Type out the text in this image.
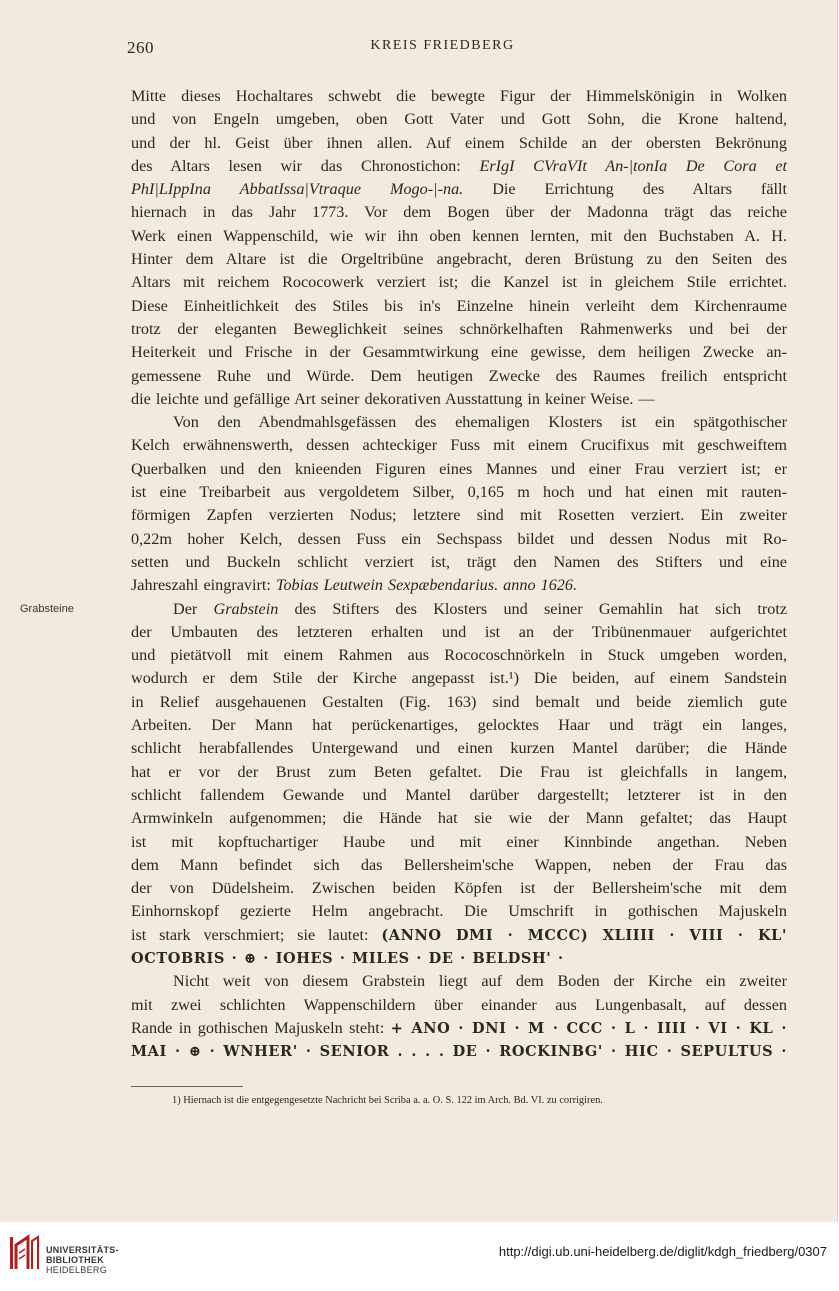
260	KREIS FRIEDBERG
Grabsteine
Mitte dieses Hochaltares schwebt die bewegte Figur der Himmelskönigin in Wolken
und von Engeln umgeben, oben Gott Vater und Gott Sohn, die Krone haltend,
und der hl. Geist über ihnen allen. Auf einem Schilde an der obersten Bekrönung
des Altars lesen wir das Chronostichon: ErIgI CVraVIt An-|tonIa De Cora et
PhI|LIppIna AbbatIssa|Vtraque Mogo-|-na. Die Errichtung des Altars fällt
hiernach in das Jahr 1773. Vor dem Bogen über der Madonna trägt das reiche
Werk einen Wappenschild, wie wir ihn oben kennen lernten, mit den Buchstaben A. H.
Hinter dem Altare ist die Orgeltribüne angebracht, deren Brüstung zu den Seiten des
Altars mit reichem Rococowerk verziert ist; die Kanzel ist in gleichem Stile errichtet.
Diese Einheitlichkeit des Stiles bis in's Einzelne hinein verleiht dem Kirchenraume
trotz der eleganten Beweglichkeit seines schnörkelhaften Rahmenwerks und bei der
Heiterkeit und Frische in der Gesammtwirkung eine gewisse, dem heiligen Zwecke an-
gemessene Ruhe und Würde. Dem heutigen Zwecke des Raumes freilich entspricht
die leichte und gefällige Art seiner dekorativen Ausstattung in keiner Weise. —
Von den Abendmahlsgefässen des ehemaligen Klosters ist ein spätgothischer
Kelch erwähnenswerth, dessen achteckiger Fuss mit einem Crucifixus mit geschweiftem
Querbalken und den knieenden Figuren eines Mannes und einer Frau verziert ist; er
ist eine Treibarbeit aus vergoldetem Silber, 0,165 m hoch und hat einen mit rauten-
förmigen Zapfen verzierten Nodus; letztere sind mit Rosetten verziert. Ein zweiter
0,22m hoher Kelch, dessen Fuss ein Sechspass bildet und dessen Nodus mit Ro-
setten und Buckeln schlicht verziert ist, trägt den Namen des Stifters und eine
Jahreszahl eingravirt: Tobias Leutwein Sexpæbendarius. anno 1626.
Der Grabstein des Stifters des Klosters und seiner Gemahlin hat sich trotz
der Umbauten des letzteren erhalten und ist an der Tribünenmauer aufgerichtet
und pietätvoll mit einem Rahmen aus Rococoschnörkeln in Stuck umgeben worden,
wodurch er dem Stile der Kirche angepasst ist.¹) Die beiden, auf einem Sandstein
in Relief ausgehauenen Gestalten (Fig. 163) sind bemalt und beide ziemlich gute
Arbeiten. Der Mann hat perückenartiges, gelocktes Haar und trägt ein langes,
schlicht herabfallendes Untergewand und einen kurzen Mantel darüber; die Hände
hat er vor der Brust zum Beten gefaltet. Die Frau ist gleichfalls in langem,
schlicht fallendem Gewande und Mantel darüber dargestellt; letzterer ist in den
Armwinkeln aufgenommen; die Hände hat sie wie der Mann gefaltet; das Haupt
ist mit kopftuchartiger Haube und mit einer Kinnbinde angethan. Neben
dem Mann befindet sich das Bellersheim'sche Wappen, neben der Frau das
der von Düdelsheim. Zwischen beiden Köpfen ist der Bellersheim'sche mit dem
Einhornskopf gezierte Helm angebracht. Die Umschrift in gothischen Majuskeln
ist stark verschmiert; sie lautet: (ANNO DMI · MCCC) XLIIII · VIII · KL'
OCTOBRIS · ⊕ · IOHES · MILES · DE · BELDSH' ·
Nicht weit von diesem Grabstein liegt auf dem Boden der Kirche ein zweiter
mit zwei schlichten Wappenschildern über einander aus Lungenbasalt, auf dessen
Rande in gothischen Majuskeln steht: + ANO · DNI · M · CCC · L · IIII · VI · KL ·
MAI · ⊕ · WNHER' · SENIOR . . . . DE · ROCKINBG' · HIC · SEPULTUS ·
1) Hiernach ist die entgegengesetzte Nachricht bei Scriba a. a. O. S. 122 im Arch. Bd. VI. zu corrigiren.
UNIVERSITÄTS-
BIBLIOTHEK
HEIDELBERG
http://digi.ub.uni-heidelberg.de/diglit/kdgh_friedberg/0307
